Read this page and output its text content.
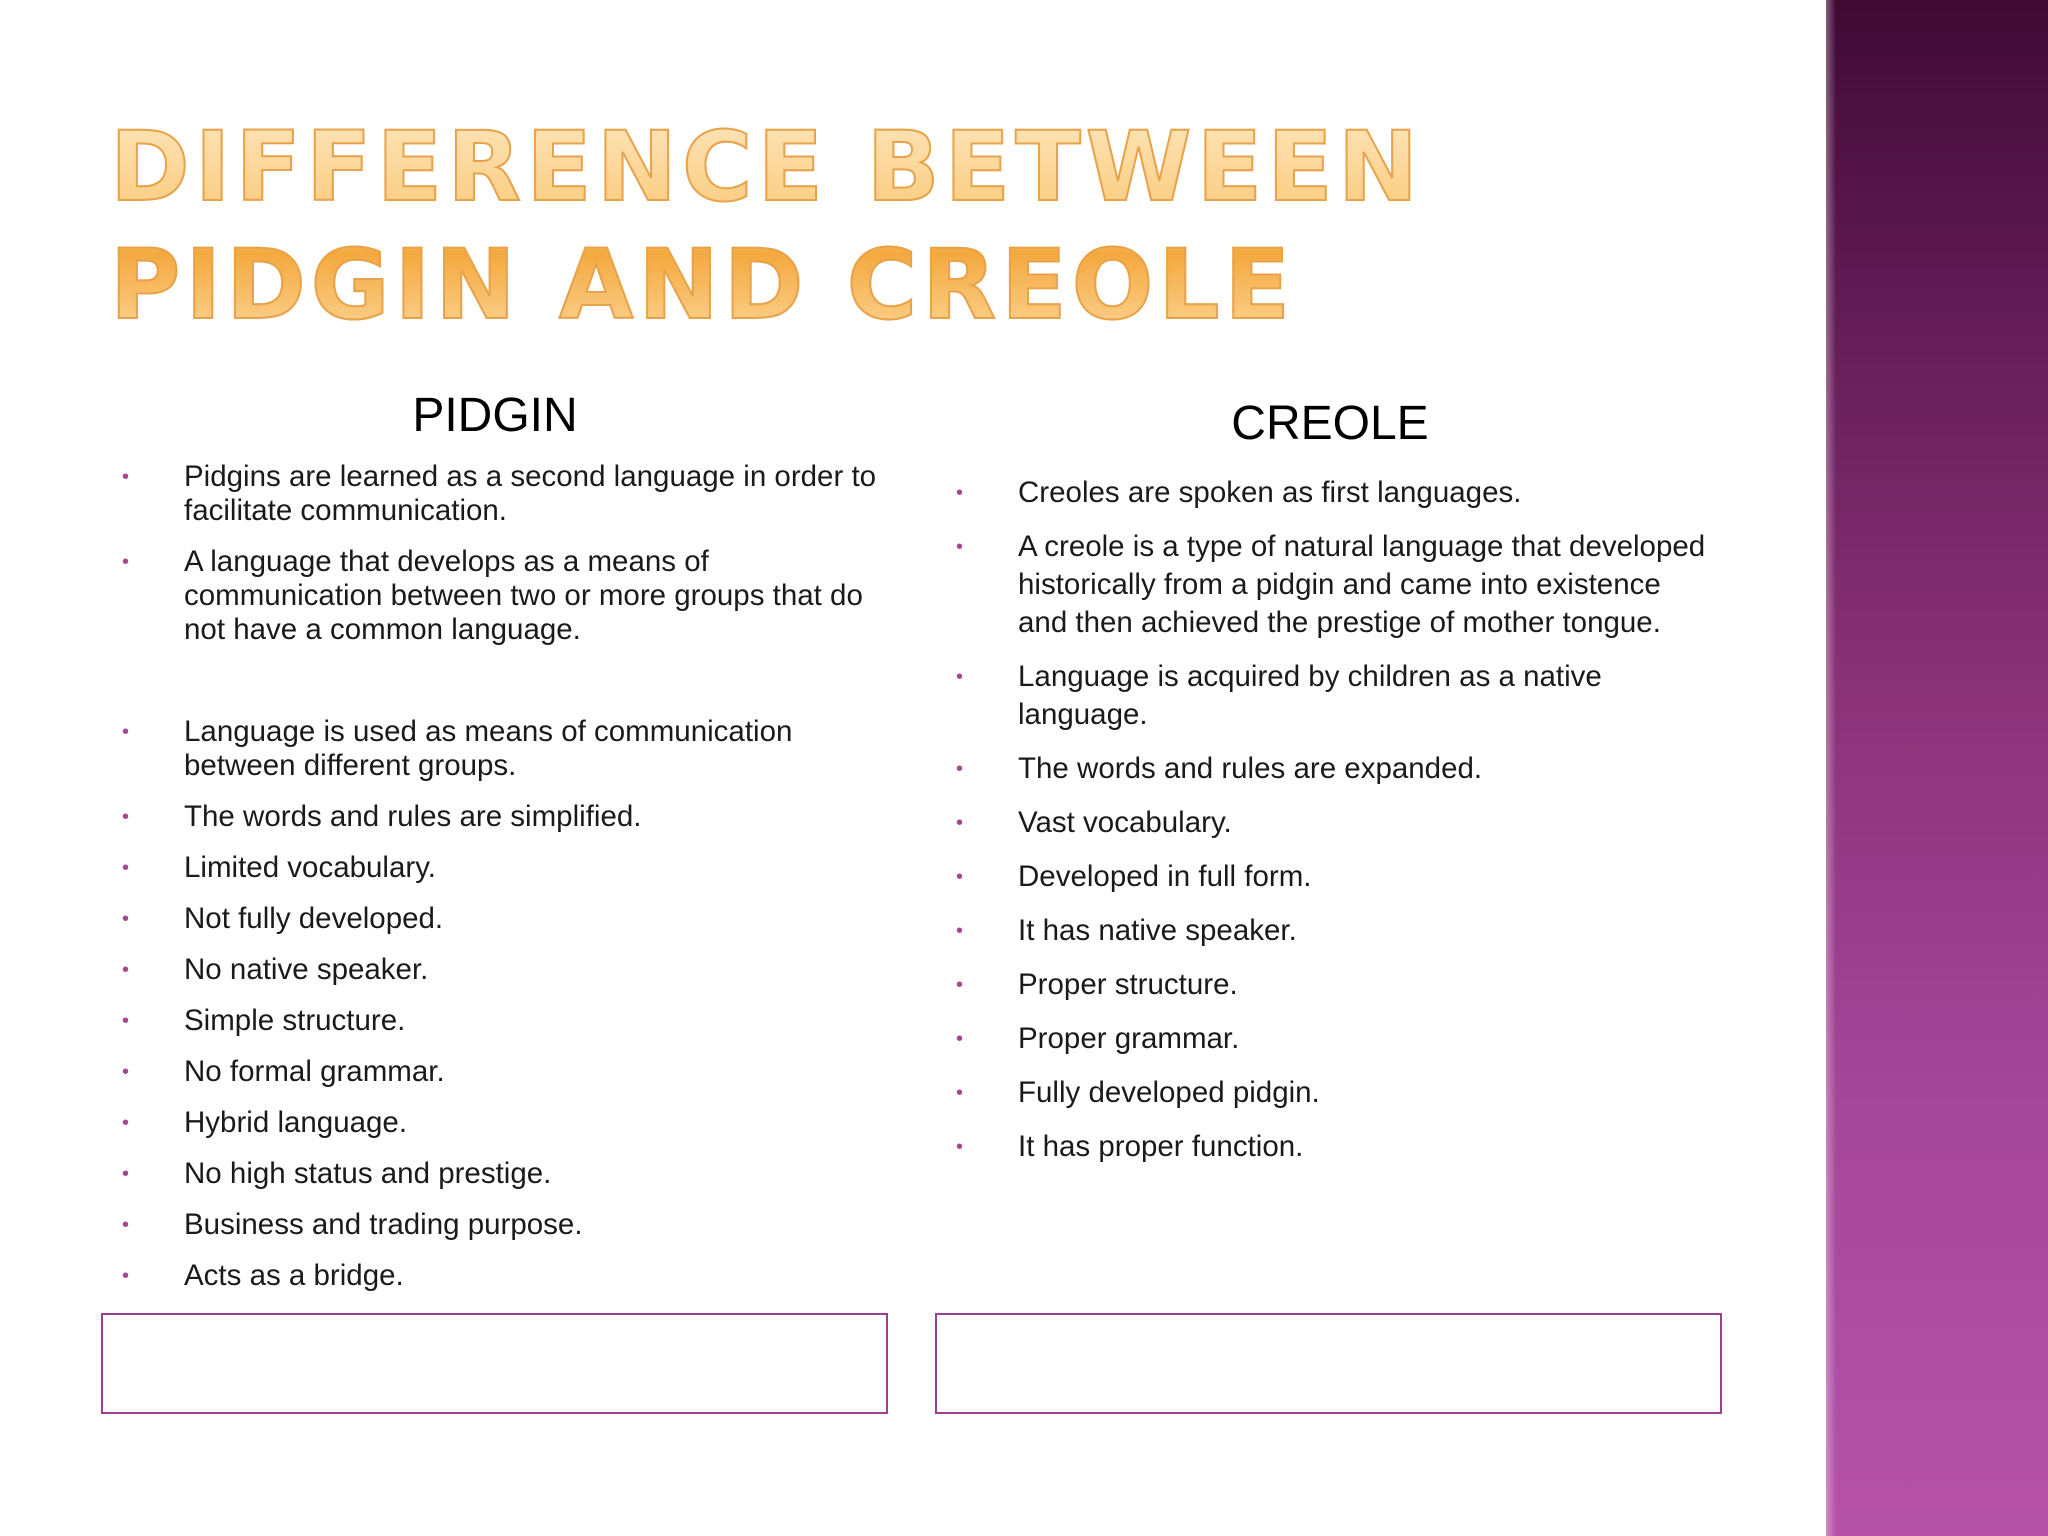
DIFFERENCE BETWEEN PIDGIN AND CREOLE
PIDGIN	CREOLE
• Pidgins are learned as a second language in order to facilitate communication.
• A language that develops as a means of communication between two or more groups that do not have a common language.
• Language is used as means of communication between different groups.
• The words and rules are simplified.
• Limited vocabulary.
• Not fully developed.
• No native speaker.
• Simple structure.
• No formal grammar.
• Hybrid language.
• No high status and prestige.
• Business and trading purpose.
• Acts as a bridge.
• Creoles are spoken as first languages.
• A creole is a type of natural language that developed historically from a pidgin and came into existence and then achieved the prestige of mother tongue.
• Language is acquired by children as a native language.
• The words and rules are expanded.
• Vast vocabulary.
• Developed in full form.
• It has native speaker.
• Proper structure.
• Proper grammar.
• Fully developed pidgin.
• It has proper function.
